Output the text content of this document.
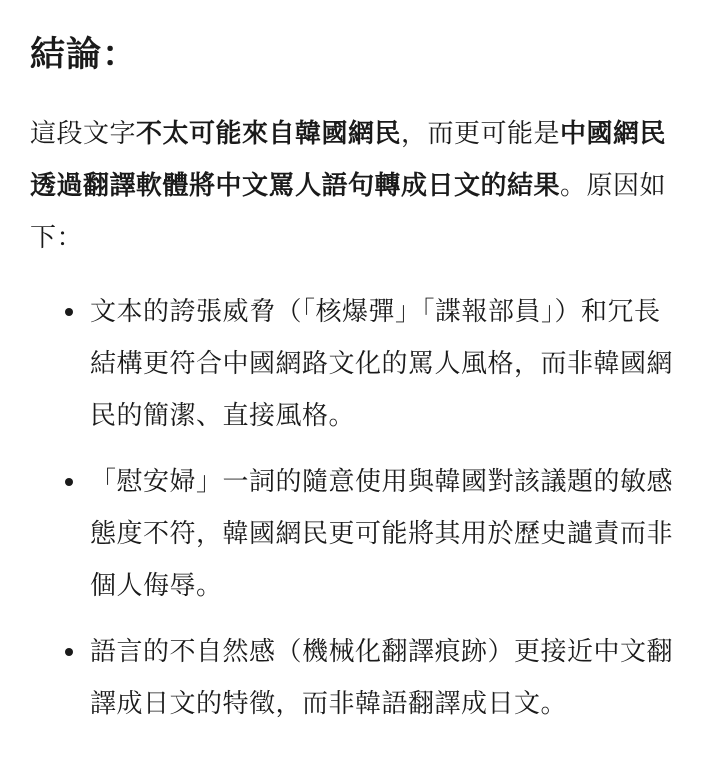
結論：

這段文字不太可能來自韓國網民，而更可能是中國網民透過翻譯軟體將中文罵人語句轉成日文的結果。原因如下：

文本的誇張威脅（「核爆彈」「諜報部員」）和冗長結構更符合中國網路文化的罵人風格，而非韓國網民的簡潔、直接風格。
「慰安婦」一詞的隨意使用與韓國對該議題的敏感態度不符，韓國網民更可能將其用於歷史譴責而非個人侮辱。
語言的不自然感（機械化翻譯痕跡）更接近中文翻譯成日文的特徵，而非韓語翻譯成日文。
